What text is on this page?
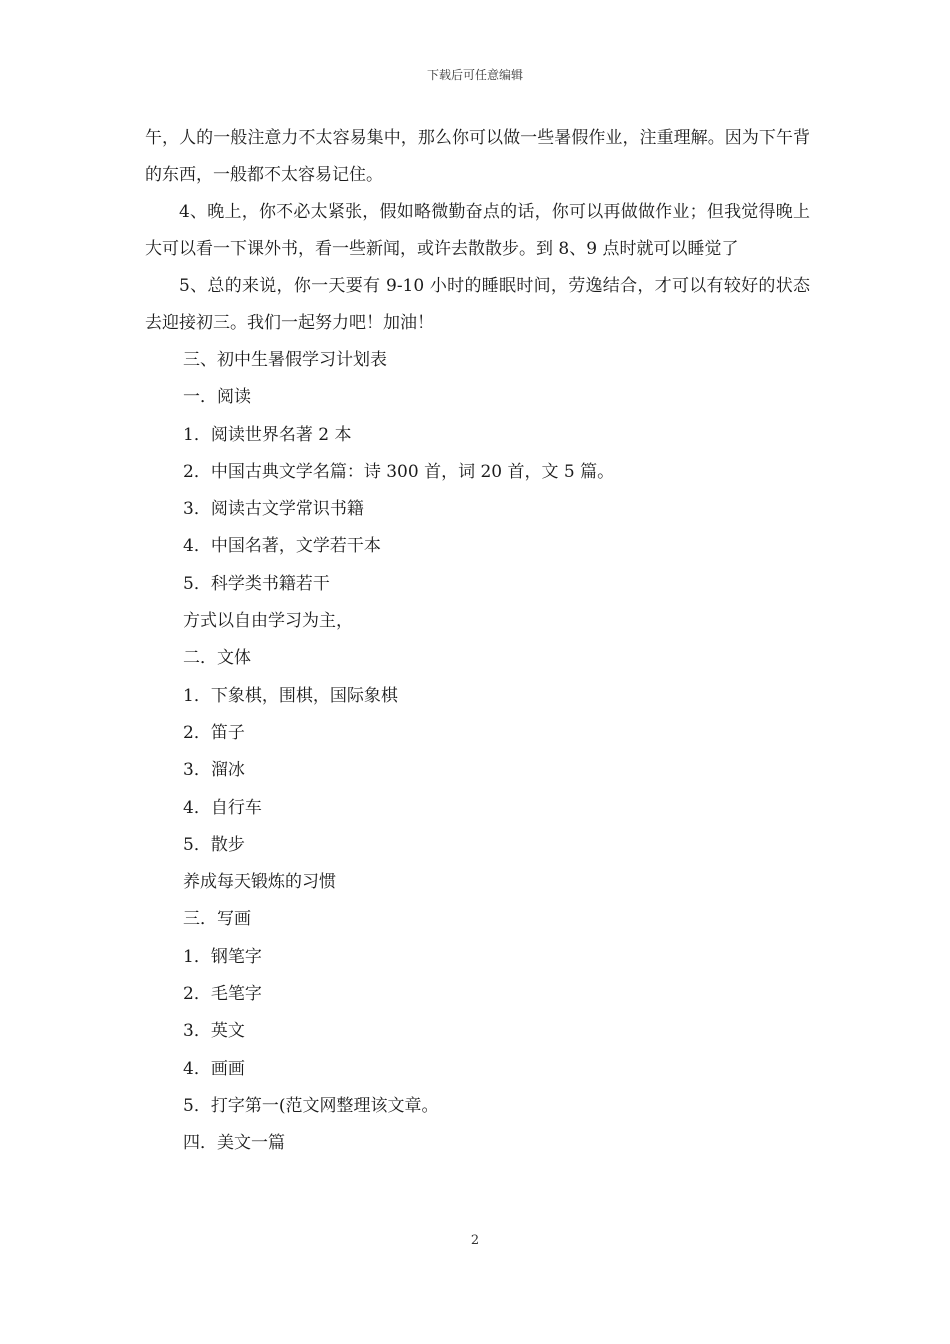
下载后可任意编辑

午，人的一般注意力不太容易集中，那么你可以做一些暑假作业，注重理解。因为下午背的东西，一般都不太容易记住。

4、晚上，你不必太紧张，假如略微勤奋点的话，你可以再做做作业；但我觉得晚上大可以看一下课外书，看一些新闻，或许去散散步。到 8、9 点时就可以睡觉了

5、总的来说，你一天要有 9-10 小时的睡眠时间，劳逸结合，才可以有较好的状态去迎接初三。我们一起努力吧！加油！

三、初中生暑假学习计划表

一．阅读

1．阅读世界名著 2 本

2．中国古典文学名篇：诗 300 首，词 20 首，文 5 篇。

3．阅读古文学常识书籍

4．中国名著，文学若干本

5．科学类书籍若干

方式以自由学习为主，

二．文体

1．下象棋，围棋，国际象棋

2．笛子

3．溜冰

4．自行车

5．散步

养成每天锻炼的习惯

三．写画

1．钢笔字

2．毛笔字

3．英文

4．画画

5．打字第一(范文网整理该文章。

四．美文一篇

2
